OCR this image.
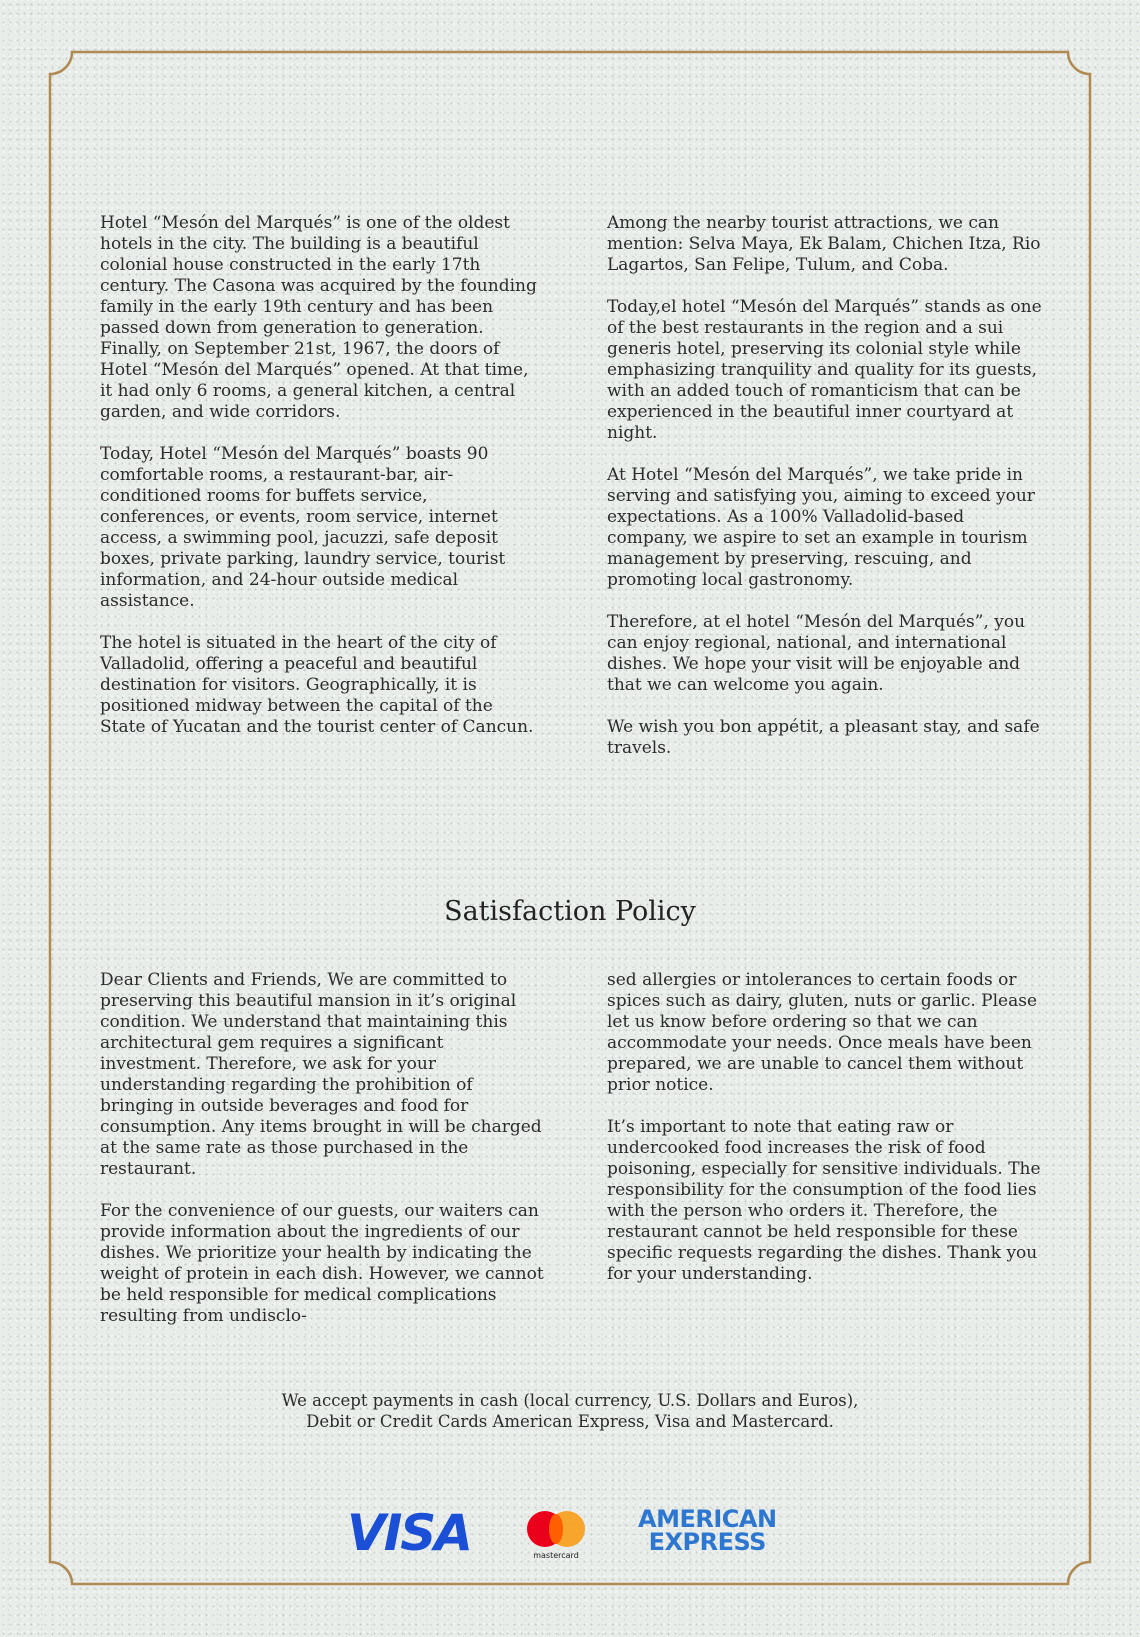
Hotel “Mesón del Marqués” is one of the oldest hotels in the city. The building is a beautiful colonial house constructed in the early 17th century. The Casona was acquired by the founding family in the early 19th century and has been passed down from generation to generation. Finally, on September 21st, 1967, the doors of Hotel “Mesón del Marqués” opened. At that time, it had only 6 rooms, a general kitchen, a central garden, and wide corridors.

Today, Hotel “Mesón del Marqués” boasts 90 comfortable rooms, a restaurant-bar, air-conditioned rooms for buffets service, conferences, or events, room service, internet access, a swimming pool, jacuzzi, safe deposit boxes, private parking, laundry service, tourist information, and 24-hour outside medical assistance.

The hotel is situated in the heart of the city of Valladolid, offering a peaceful and beautiful destination for visitors. Geographically, it is positioned midway between the capital of the State of Yucatan and the tourist center of Cancun.

Among the nearby tourist attractions, we can mention: Selva Maya, Ek Balam, Chichen Itza, Rio Lagartos, San Felipe, Tulum, and Coba.

Today,el hotel “Mesón del Marqués” stands as one of the best restaurants in the region and a sui generis hotel, preserving its colonial style while emphasizing tranquility and quality for its guests, with an added touch of romanticism that can be experienced in the beautiful inner courtyard at night.

At Hotel “Mesón del Marqués”, we take pride in serving and satisfying you, aiming to exceed your expectations. As a 100% Valladolid-based company, we aspire to set an example in tourism management by preserving, rescuing, and promoting local gastronomy.

Therefore, at el hotel “Mesón del Marqués”, you can enjoy regional, national, and international dishes. We hope your visit will be enjoyable and that we can welcome you again.

We wish you bon appétit, a pleasant stay, and safe travels.

Satisfaction Policy

Dear Clients and Friends, We are committed to preserving this beautiful mansion in it’s original condition. We understand that maintaining this architectural gem requires a significant investment. Therefore, we ask for your understanding regarding the prohibition of bringing in outside beverages and food for consumption. Any items brought in will be charged at the same rate as those purchased in the restaurant.

For the convenience of our guests, our waiters can provide information about the ingredients of our dishes. We prioritize your health by indicating the weight of protein in each dish. However, we cannot be held responsible for medical complications resulting from undisclo-

sed allergies or intolerances to certain foods or spices such as dairy, gluten, nuts or garlic. Please let us know before ordering so that we can accommodate your needs. Once meals have been prepared, we are unable to cancel them without prior notice.

It’s important to note that eating raw or undercooked food increases the risk of food poisoning, especially for sensitive individuals. The responsibility for the consumption of the food lies with the person who orders it. Therefore, the restaurant cannot be held responsible for these specific requests regarding the dishes. Thank you for your understanding.

We accept payments in cash (local currency, U.S. Dollars and Euros),
Debit or Credit Cards American Express, Visa and Mastercard.
VISA	mastercard
AMERICAN
EXPRESS
